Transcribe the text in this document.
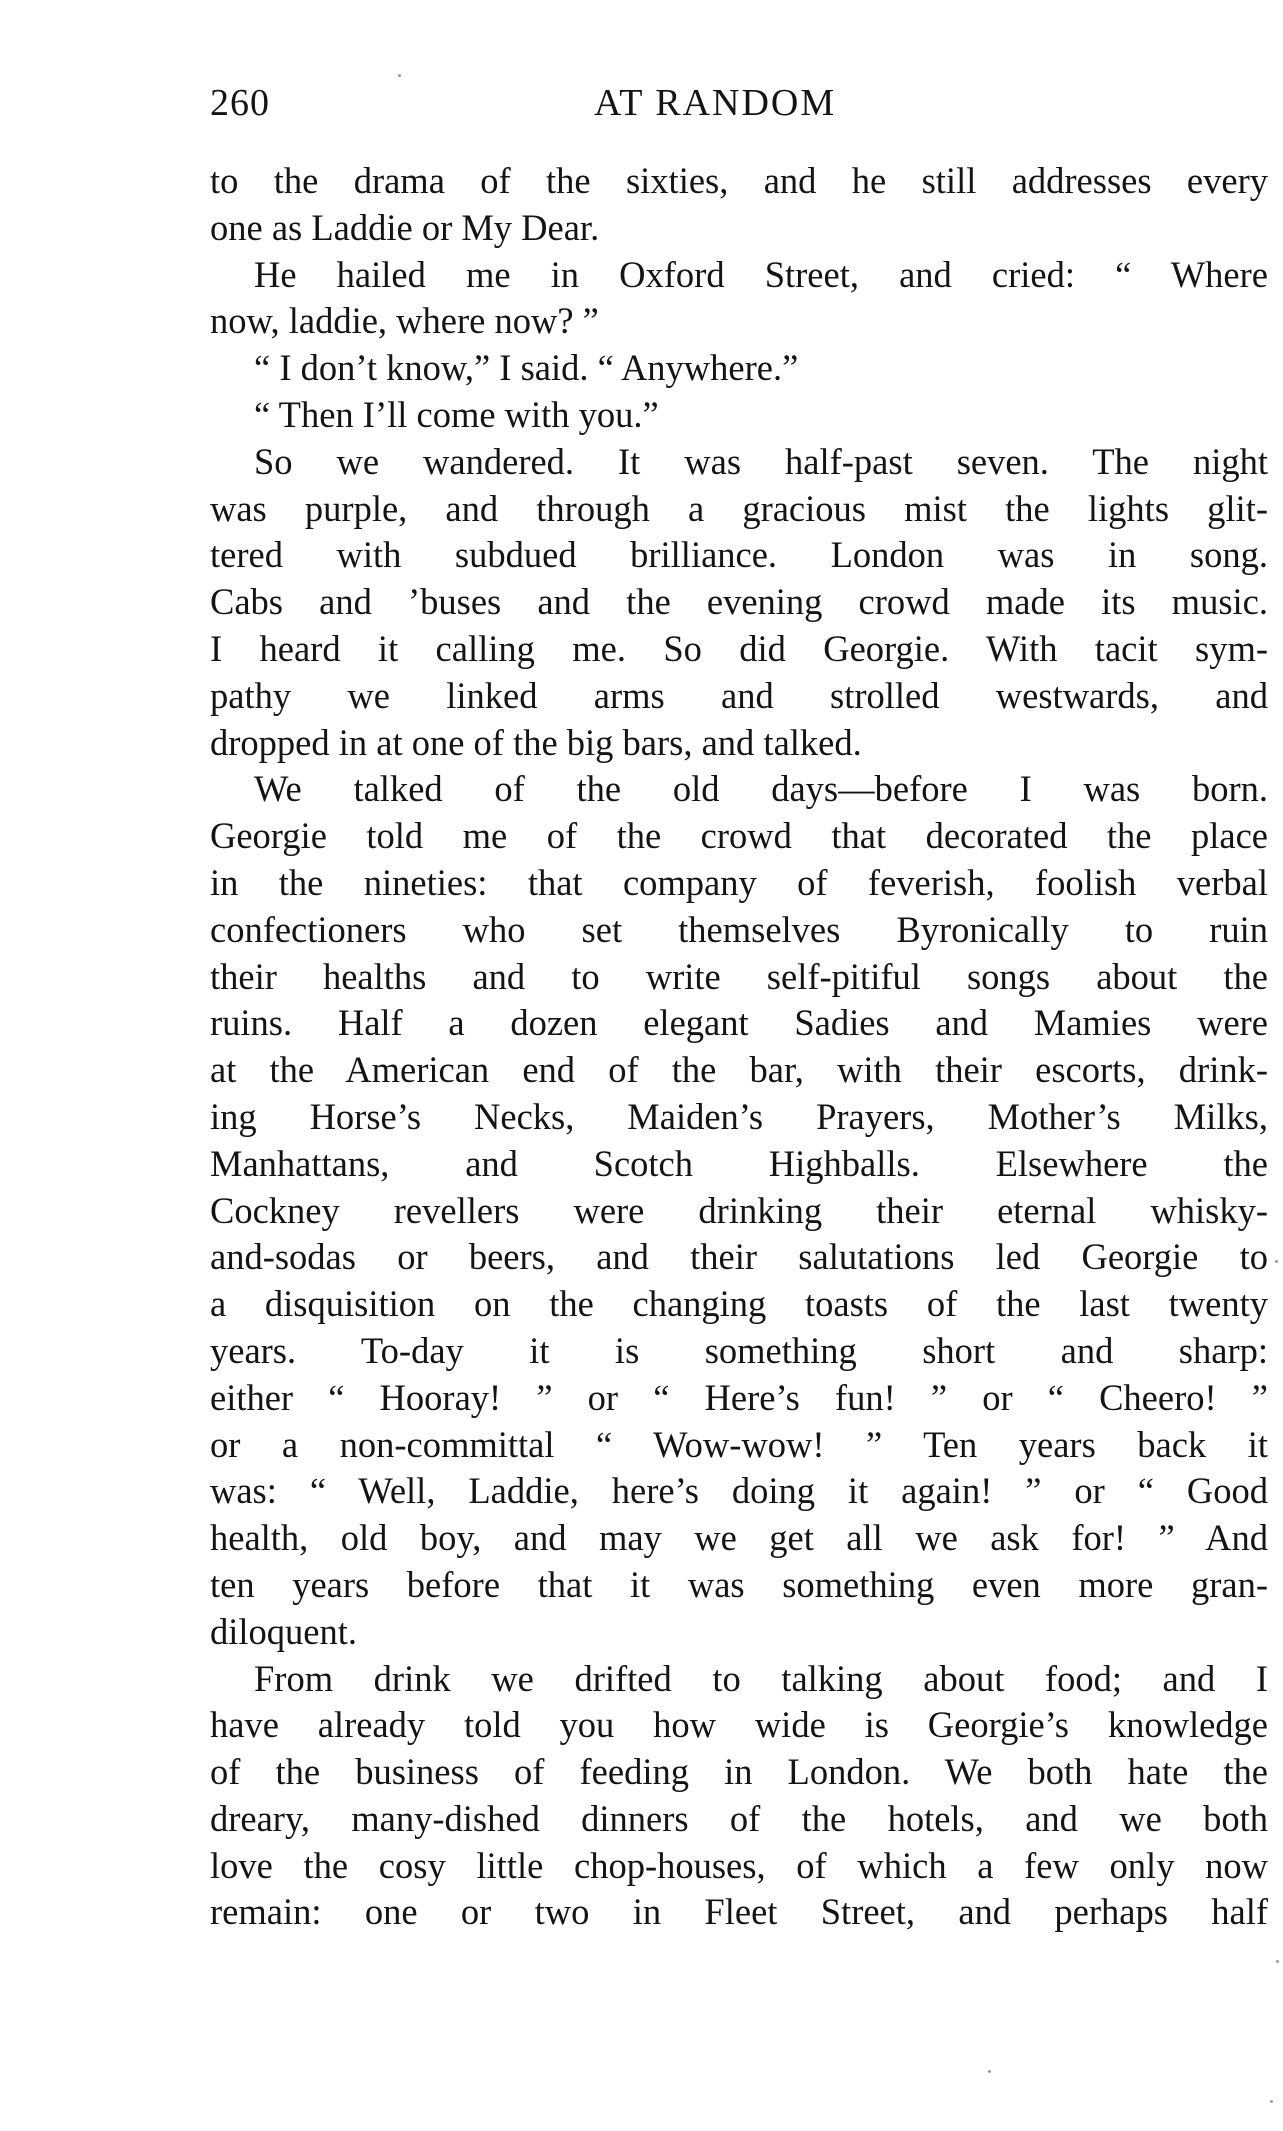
260	AT RANDOM
to the drama of the sixties, and he still addresses every
one as Laddie or My Dear.
He hailed me in Oxford Street, and cried: “ Where
now, laddie, where now? ”
“ I don’t know,” I said. “ Anywhere.”
“ Then I’ll come with you.”
So we wandered. It was half-past seven. The night
was purple, and through a gracious mist the lights glit-
tered with subdued brilliance. London was in song.
Cabs and ’buses and the evening crowd made its music.
I heard it calling me. So did Georgie. With tacit sym-
pathy we linked arms and strolled westwards, and
dropped in at one of the big bars, and talked.
We talked of the old days—before I was born.
Georgie told me of the crowd that decorated the place
in the nineties: that company of feverish, foolish verbal
confectioners who set themselves Byronically to ruin
their healths and to write self-pitiful songs about the
ruins. Half a dozen elegant Sadies and Mamies were
at the American end of the bar, with their escorts, drink-
ing Horse’s Necks, Maiden’s Prayers, Mother’s Milks,
Manhattans, and Scotch Highballs. Elsewhere the
Cockney revellers were drinking their eternal whisky-
and-sodas or beers, and their salutations led Georgie to
a disquisition on the changing toasts of the last twenty
years. To-day it is something short and sharp:
either “ Hooray! ” or “ Here’s fun! ” or “ Cheero! ”
or a non-committal “ Wow-wow! ” Ten years back it
was: “ Well, Laddie, here’s doing it again! ” or “ Good
health, old boy, and may we get all we ask for! ” And
ten years before that it was something even more gran-
diloquent.
From drink we drifted to talking about food; and I
have already told you how wide is Georgie’s knowledge
of the business of feeding in London. We both hate the
dreary, many-dished dinners of the hotels, and we both
love the cosy little chop-houses, of which a few only now
remain: one or two in Fleet Street, and perhaps half
